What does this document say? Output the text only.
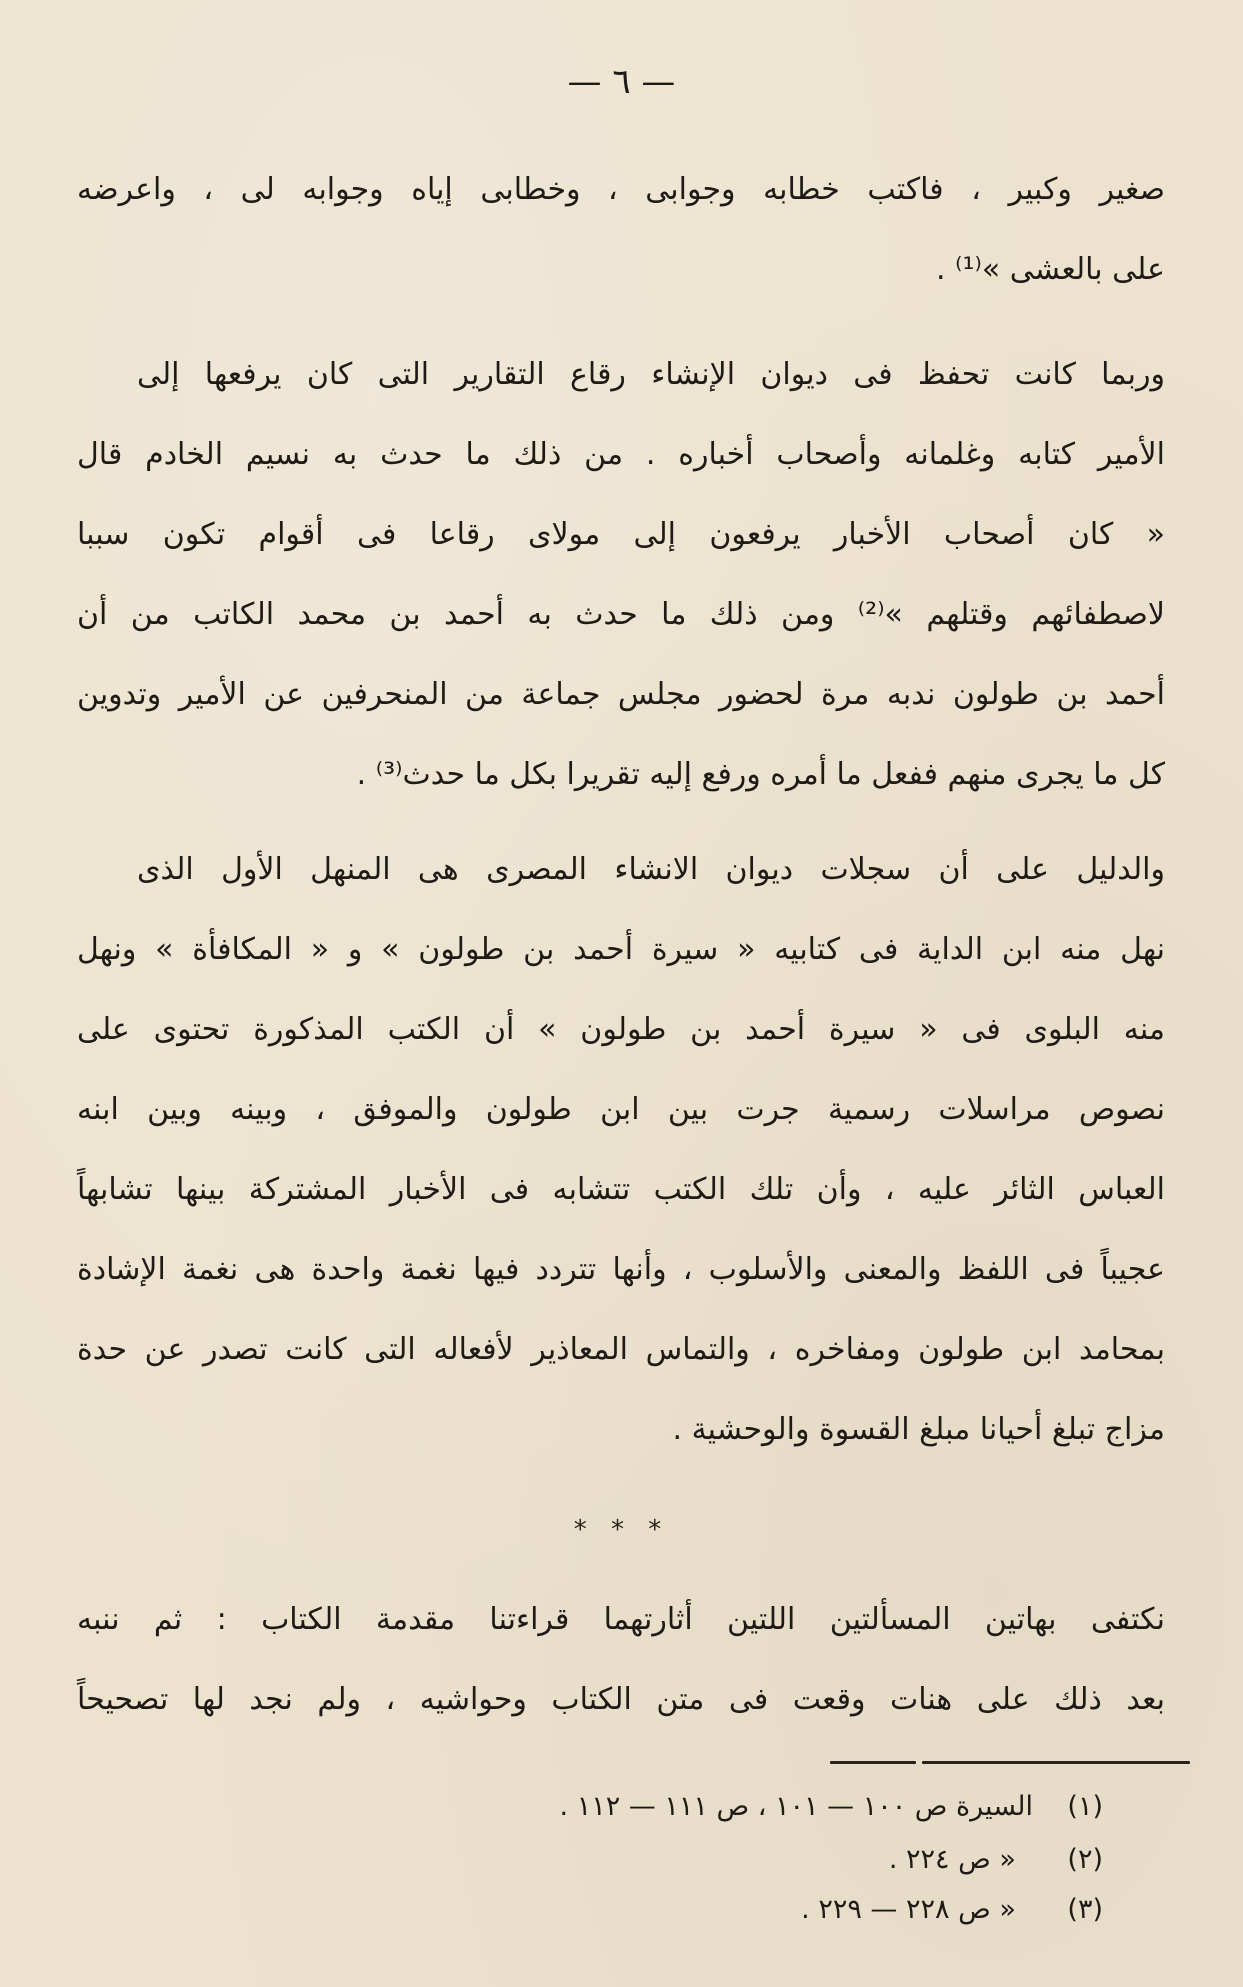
— ٦ —
صغير وكبير ، فاكتب خطابه وجوابى ، وخطابى إياه وجوابه لى ، واعرضه
على بالعشى »⁽¹⁾ .
وربما كانت تحفظ فى ديوان الإنشاء رقاع التقارير التى كان يرفعها إلى
الأمير كتابه وغلمانه وأصحاب أخباره . من ذلك ما حدث به نسيم الخادم قال
« كان أصحاب الأخبار يرفعون إلى مولاى رقاعا فى أقوام تكون سببا
لاصطفائهم وقتلهم »⁽²⁾ ومن ذلك ما حدث به أحمد بن محمد الكاتب من أن
أحمد بن طولون ندبه مرة لحضور مجلس جماعة من المنحرفين عن الأمير وتدوين
كل ما يجرى منهم ففعل ما أمره ورفع إليه تقريرا بكل ما حدث⁽³⁾ .
والدليل على أن سجلات ديوان الانشاء المصرى هى المنهل الأول الذى
نهل منه ابن الداية فى كتابيه « سيرة أحمد بن طولون » و « المكافأة » ونهل
منه البلوى فى « سيرة أحمد بن طولون » أن الكتب المذكورة تحتوى على
نصوص مراسلات رسمية جرت بين ابن طولون والموفق ، وبينه وبين ابنه
العباس الثائر عليه ، وأن تلك الكتب تتشابه فى الأخبار المشتركة بينها تشابهاً
عجيباً فى اللفظ والمعنى والأسلوب ، وأنها تتردد فيها نغمة واحدة هى نغمة الإشادة
بمحامد ابن طولون ومفاخره ، والتماس المعاذير لأفعاله التى كانت تصدر عن حدة
مزاج تبلغ أحيانا مبلغ القسوة والوحشية .
نكتفى بهاتين المسألتين اللتين أثارتهما قراءتنا مقدمة الكتاب : ثم ننبه
بعد ذلك على هنات وقعت فى متن الكتاب وحواشيه ، ولم نجد لها تصحيحاً
* * *
(١)    السيرة ص ١٠٠ — ١٠١ ، ص ١١١ — ١١٢ .
(٢)      « ص ٢٢٤ .
(٣)      « ص ٢٢٨ — ٢٢٩ .
